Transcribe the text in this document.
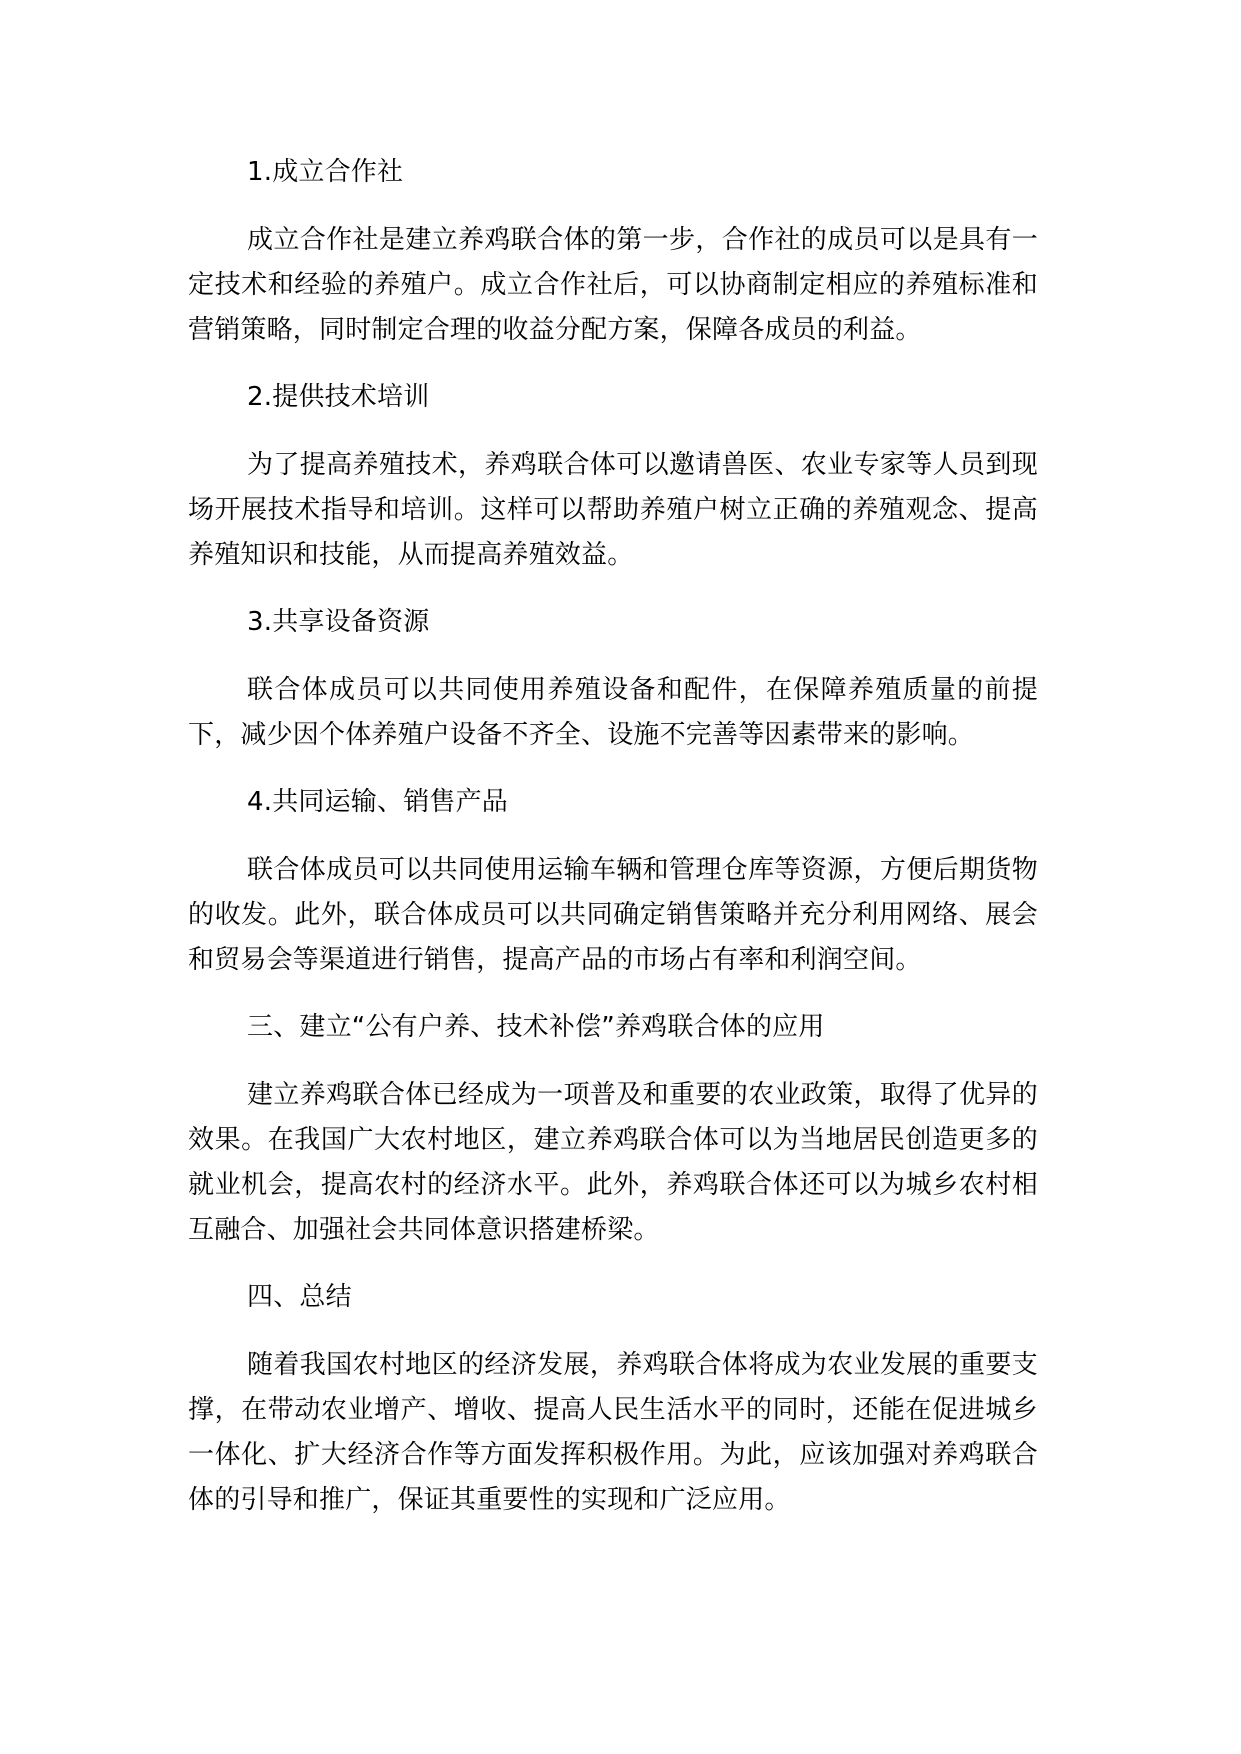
1.成立合作社

成立合作社是建立养鸡联合体的第一步，合作社的成员可以是具有一定技术和经验的养殖户。成立合作社后，可以协商制定相应的养殖标准和营销策略，同时制定合理的收益分配方案，保障各成员的利益。

2.提供技术培训

为了提高养殖技术，养鸡联合体可以邀请兽医、农业专家等人员到现场开展技术指导和培训。这样可以帮助养殖户树立正确的养殖观念、提高养殖知识和技能，从而提高养殖效益。

3.共享设备资源

联合体成员可以共同使用养殖设备和配件，在保障养殖质量的前提下，减少因个体养殖户设备不齐全、设施不完善等因素带来的影响。

4.共同运输、销售产品

联合体成员可以共同使用运输车辆和管理仓库等资源，方便后期货物的收发。此外，联合体成员可以共同确定销售策略并充分利用网络、展会和贸易会等渠道进行销售，提高产品的市场占有率和利润空间。

三、建立“公有户养、技术补偿”养鸡联合体的应用

建立养鸡联合体已经成为一项普及和重要的农业政策，取得了优异的效果。在我国广大农村地区，建立养鸡联合体可以为当地居民创造更多的就业机会，提高农村的经济水平。此外，养鸡联合体还可以为城乡农村相互融合、加强社会共同体意识搭建桥梁。

四、总结

随着我国农村地区的经济发展，养鸡联合体将成为农业发展的重要支撑，在带动农业增产、增收、提高人民生活水平的同时，还能在促进城乡一体化、扩大经济合作等方面发挥积极作用。为此，应该加强对养鸡联合体的引导和推广，保证其重要性的实现和广泛应用。
